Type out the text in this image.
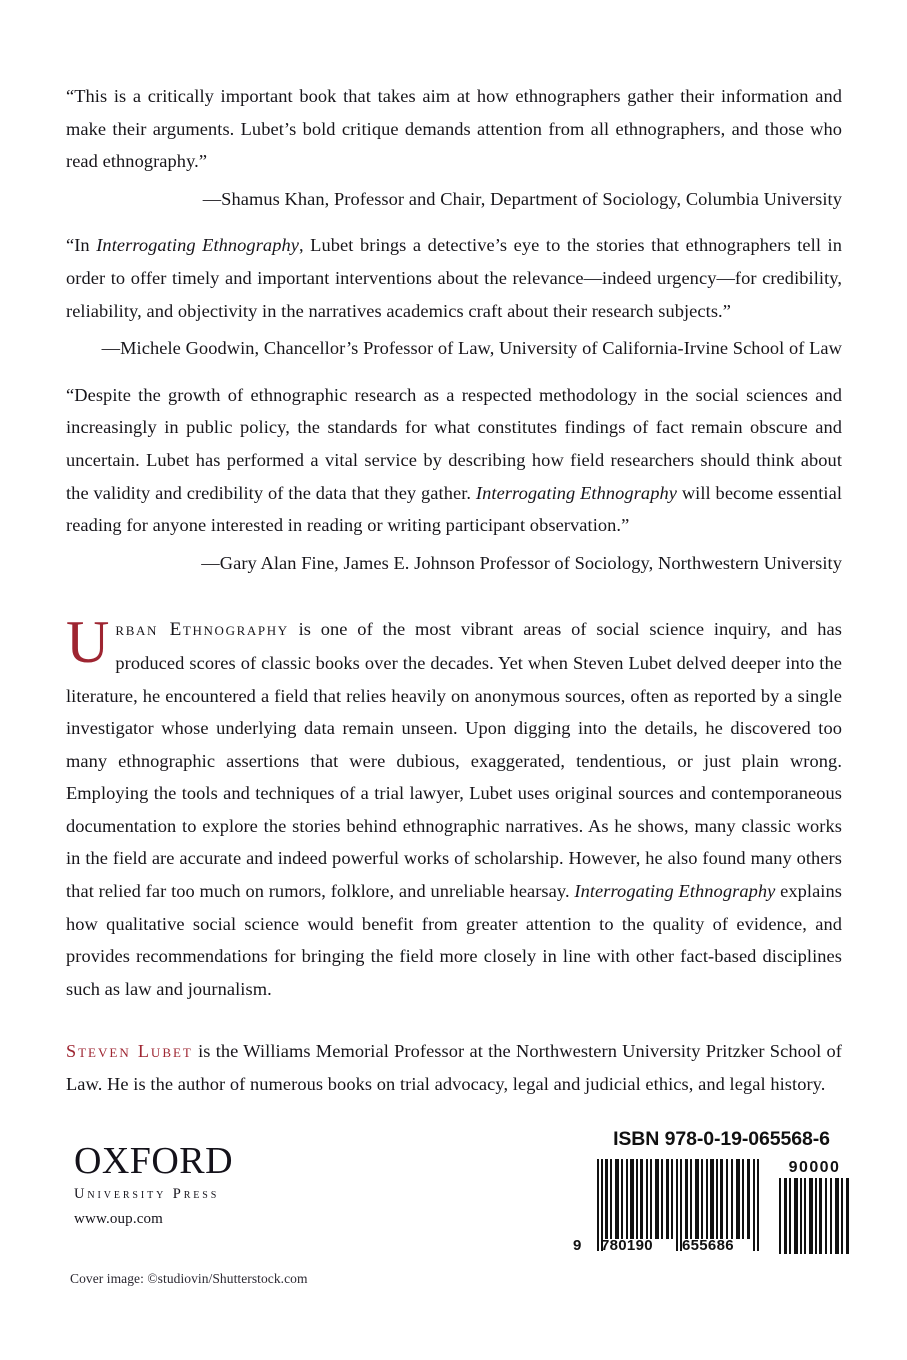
“This is a critically important book that takes aim at how ethnographers gather their information and make their arguments. Lubet’s bold critique demands attention from all ethnographers, and those who read ethnography.”

—Shamus Khan, Professor and Chair, Department of Sociology, Columbia University

“In Interrogating Ethnography, Lubet brings a detective’s eye to the stories that ethnographers tell in order to offer timely and important interventions about the relevance—indeed urgency—for credibility, reliability, and objectivity in the narratives academics craft about their research subjects.”

—Michele Goodwin, Chancellor’s Professor of Law, University of California-Irvine School of Law

“Despite the growth of ethnographic research as a respected methodology in the social sciences and increasingly in public policy, the standards for what constitutes findings of fact remain obscure and uncertain. Lubet has performed a vital service by describing how field researchers should think about the validity and credibility of the data that they gather. Interrogating Ethnography will become essential reading for anyone interested in reading or writing participant observation.”

—Gary Alan Fine, James E. Johnson Professor of Sociology, Northwestern University

Urban Ethnography is one of the most vibrant areas of social science inquiry, and has produced scores of classic books over the decades. Yet when Steven Lubet delved deeper into the literature, he encountered a field that relies heavily on anonymous sources, often as reported by a single investigator whose underlying data remain unseen. Upon digging into the details, he discovered too many ethnographic assertions that were dubious, exaggerated, tendentious, or just plain wrong. Employing the tools and techniques of a trial lawyer, Lubet uses original sources and contemporaneous documentation to explore the stories behind ethnographic narratives. As he shows, many classic works in the field are accurate and indeed powerful works of scholarship. However, he also found many others that relied far too much on rumors, folklore, and unreliable hearsay. Interrogating Ethnography explains how qualitative social science would benefit from greater attention to the quality of evidence, and provides recommendations for bringing the field more closely in line with other fact-based disciplines such as law and journalism.

Steven Lubet is the Williams Memorial Professor at the Northwestern University Pritzker School of Law. He is the author of numerous books on trial advocacy, legal and judicial ethics, and legal history.

OXFORD
University Press
www.oup.com
Cover image: ©studiovin/Shutterstock.com
ISBN 978-0-19-065568-6
9 780190 655686
90000
